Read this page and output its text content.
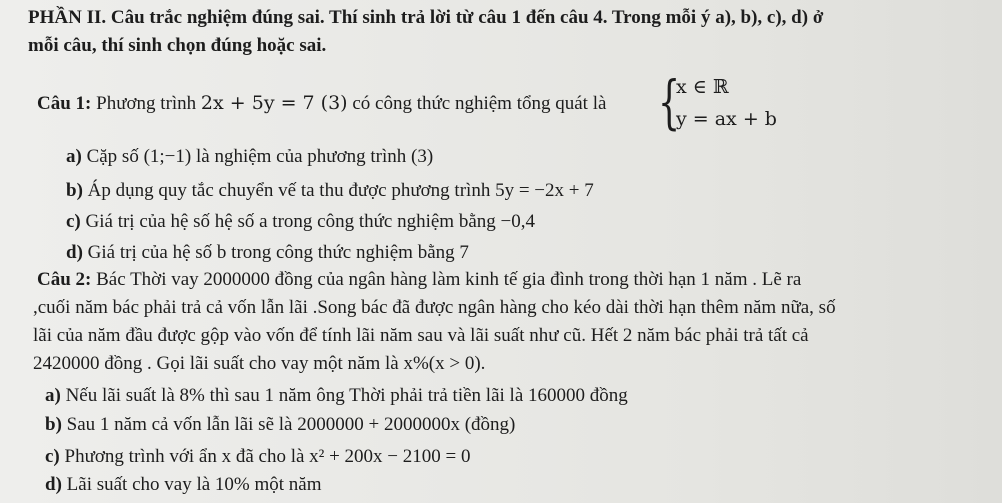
PHẦN II. Câu trắc nghiệm đúng sai. Thí sinh trả lời từ câu 1 đến câu 4. Trong mỗi ý a), b), c), d) ở
mỗi câu, thí sinh chọn đúng hoặc sai.
Câu 1: Phương trình 2x + 5y = 7 (3) có công thức nghiệm tổng quát là {
x ∈ ℝ
y = ax + b
a) Cặp số (1;−1) là nghiệm của phương trình (3)
b) Áp dụng quy tắc chuyển vế ta thu được phương trình 5y = −2x + 7
c) Giá trị của hệ số hệ số a trong công thức nghiệm bằng −0,4
d) Giá trị của hệ số b trong công thức nghiệm bằng 7
Câu 2: Bác Thời vay 2000000 đồng của ngân hàng làm kinh tế gia đình trong thời hạn 1 năm . Lẽ ra
,cuối năm bác phải trả cả vốn lẫn lãi .Song bác đã được ngân hàng cho kéo dài thời hạn thêm năm nữa, số
lãi của năm đầu được gộp vào vốn để tính lãi năm sau và lãi suất như cũ. Hết 2 năm bác phải trả tất cả
2420000 đồng . Gọi lãi suất cho vay một năm là x%(x > 0).
a) Nếu lãi suất là 8% thì sau 1 năm ông Thời phải trả tiền lãi là 160000 đồng
b) Sau 1 năm cả vốn lẫn lãi sẽ là 2000000 + 2000000x (đồng)
c) Phương trình với ẩn x đã cho là x² + 200x − 2100 = 0
d) Lãi suất cho vay là 10% một năm
